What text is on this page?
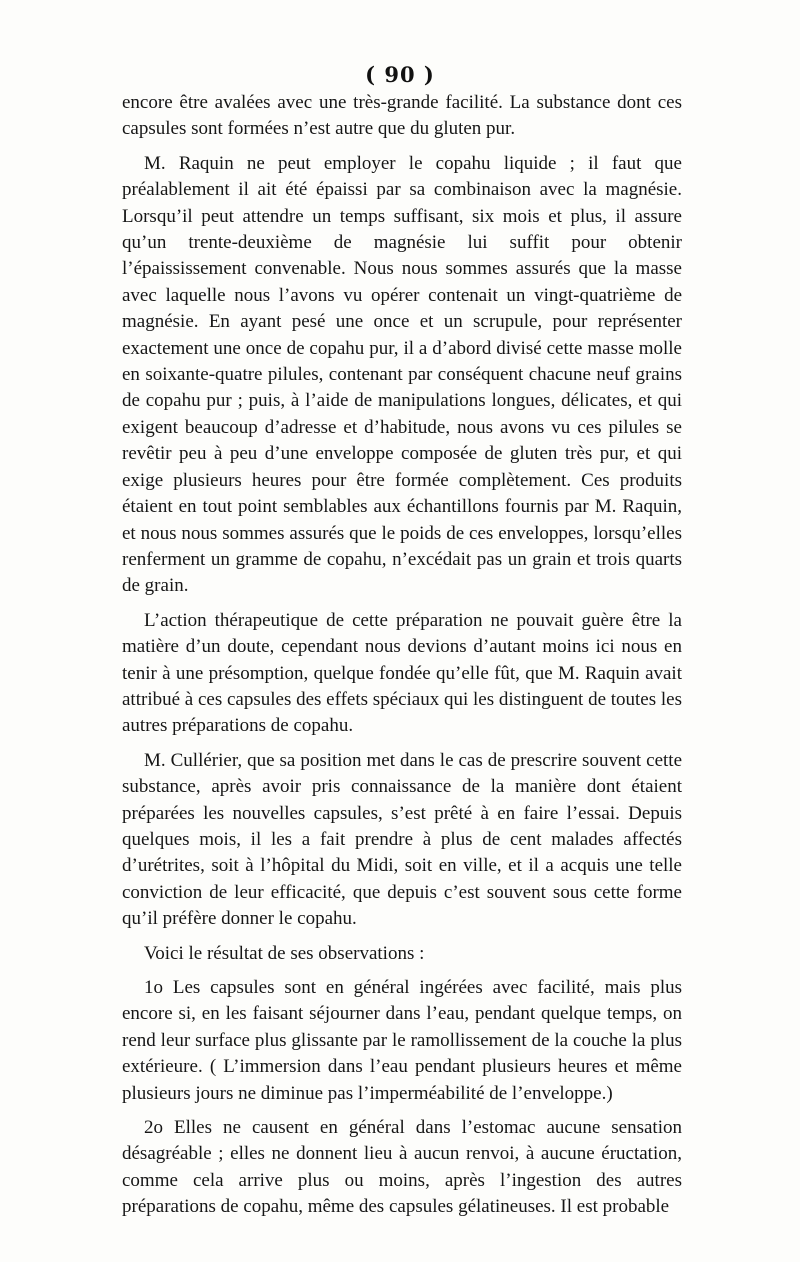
( 90 )

encore être avalées avec une très-grande facilité. La substance dont ces capsules sont formées n’est autre que du gluten pur.

M. Raquin ne peut employer le copahu liquide ; il faut que préalablement il ait été épaissi par sa combinaison avec la magnésie. Lorsqu’il peut attendre un temps suffisant, six mois et plus, il assure qu’un trente-deuxième de magnésie lui suffit pour obtenir l’épaississement convenable. Nous nous sommes assurés que la masse avec laquelle nous l’avons vu opérer contenait un vingt-quatrième de magnésie. En ayant pesé une once et un scrupule, pour représenter exactement une once de copahu pur, il a d’abord divisé cette masse molle en soixante-quatre pilules, contenant par conséquent chacune neuf grains de copahu pur ; puis, à l’aide de manipulations longues, délicates, et qui exigent beaucoup d’adresse et d’habitude, nous avons vu ces pilules se revêtir peu à peu d’une enveloppe composée de gluten très pur, et qui exige plusieurs heures pour être formée complètement. Ces produits étaient en tout point semblables aux échantillons fournis par M. Raquin, et nous nous sommes assurés que le poids de ces enveloppes, lorsqu’elles renferment un gramme de copahu, n’excédait pas un grain et trois quarts de grain.

L’action thérapeutique de cette préparation ne pouvait guère être la matière d’un doute, cependant nous devions d’autant moins ici nous en tenir à une présomption, quelque fondée qu’elle fût, que M. Raquin avait attribué à ces capsules des effets spéciaux qui les distinguent de toutes les autres préparations de copahu.

M. Cullérier, que sa position met dans le cas de prescrire souvent cette substance, après avoir pris connaissance de la manière dont étaient préparées les nouvelles capsules, s’est prêté à en faire l’essai. Depuis quelques mois, il les a fait prendre à plus de cent malades affectés d’urétrites, soit à l’hôpital du Midi, soit en ville, et il a acquis une telle conviction de leur efficacité, que depuis c’est souvent sous cette forme qu’il préfère donner le copahu.

Voici le résultat de ses observations :

1o Les capsules sont en général ingérées avec facilité, mais plus encore si, en les faisant séjourner dans l’eau, pendant quelque temps, on rend leur surface plus glissante par le ramollissement de la couche la plus extérieure. ( L’immersion dans l’eau pendant plusieurs heures et même plusieurs jours ne diminue pas l’imperméabilité de l’enveloppe.)

2o Elles ne causent en général dans l’estomac aucune sensation désagréable ; elles ne donnent lieu à aucun renvoi, à aucune éructation, comme cela arrive plus ou moins, après l’ingestion des autres préparations de copahu, même des capsules gélatineuses. Il est probable
